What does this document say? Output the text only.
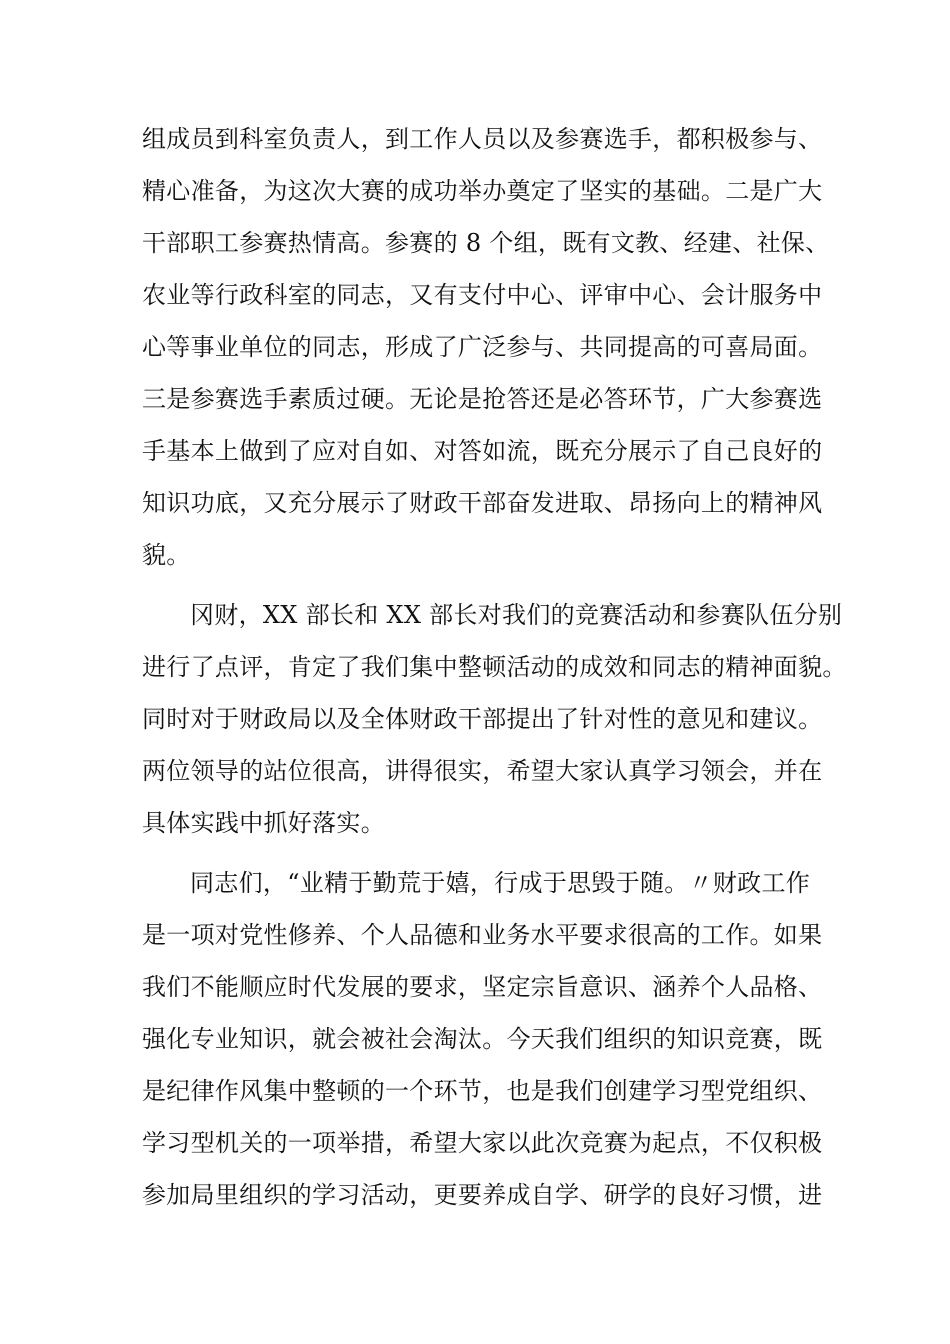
组成员到科室负责人，到工作人员以及参赛选手，都积极参与、
精心准备，为这次大赛的成功举办奠定了坚实的基础。二是广大
干部职工参赛热情高。参赛的 8 个组，既有文教、经建、社保、
农业等行政科室的同志，又有支付中心、评审中心、会计服务中
心等事业单位的同志，形成了广泛参与、共同提高的可喜局面。
三是参赛选手素质过硬。无论是抢答还是必答环节，广大参赛选
手基本上做到了应对自如、对答如流，既充分展示了自己良好的
知识功底，又充分展示了财政干部奋发进取、昂扬向上的精神风
貌。
冈财，XX 部长和 XX 部长对我们的竞赛活动和参赛队伍分别
进行了点评，肯定了我们集中整顿活动的成效和同志的精神面貌。
同时对于财政局以及全体财政干部提出了针对性的意见和建议。
两位领导的站位很高，讲得很实，希望大家认真学习领会，并在
具体实践中抓好落实。
同志们，“业精于勤荒于嬉，行成于思毁于随。〃财政工作
是一项对党性修养、个人品德和业务水平要求很高的工作。如果
我们不能顺应时代发展的要求，坚定宗旨意识、涵养个人品格、
强化专业知识，就会被社会淘汰。今天我们组织的知识竞赛，既
是纪律作风集中整顿的一个环节，也是我们创建学习型党组织、
学习型机关的一项举措，希望大家以此次竞赛为起点，不仅积极
参加局里组织的学习活动，更要养成自学、研学的良好习惯，进
